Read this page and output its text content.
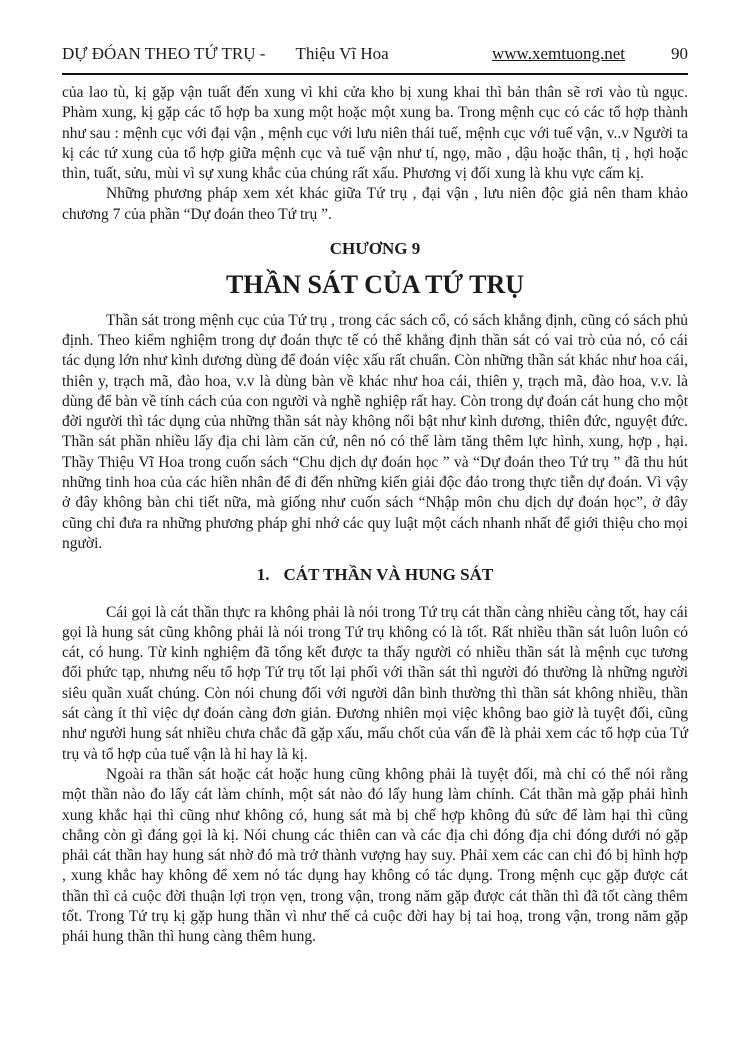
DỰ ĐÓAN THEO TỨ TRỤ - Thiệu Vĩ Hoa	www.xemtuong.net	90

của lao tù, kị gặp vận tuất đến xung vì khi cửa kho bị xung khai thì bản thân sẽ rơi vào tù ngục. Phàm xung, kị gặp các tổ hợp ba xung một hoặc một xung ba. Trong mệnh cục có các tổ hợp thành như sau : mệnh cục với đại vận , mệnh cục với lưu niên thái tuế, mệnh cục với tuế vận, v..v Người ta kị các tứ xung của tổ hợp giữa mệnh cục và tuế vận như tí, ngọ, mão , dậu hoặc thân, tị , hợi hoặc thìn, tuất, sửu, mùi vì sự xung khắc của chúng rất xấu. Phương vị đối xung là khu vực cấm kị.

Những phương pháp xem xét khác giữa Tứ trụ , đại vận , lưu niên độc giả nên tham khảo chương 7 của phần “Dự đoán theo Tứ trụ ”.

CHƯƠNG 9
THẦN SÁT CỦA TỨ TRỤ

Thần sát trong mệnh cục của Tứ trụ , trong các sách cổ, có sách khẳng định, cũng có sách phủ định. Theo kiểm nghiệm trong dự đoán thực tế có thể khẳng định thần sát có vai trò của nó, có cái tác dụng lớn như kình dương dùng để đoán việc xấu rất chuẩn. Còn những thần sát khác như hoa cái, thiên y, trạch mã, đào hoa, v.v là dùng bàn về khác như hoa cái, thiên y, trạch mã, đào hoa, v.v. là dùng để bàn về tính cách của con người và nghề nghiệp rất hay. Còn trong dự đoán cát hung cho một đời người thì tác dụng của những thần sát này không nổi bật như kình dương, thiên đức, nguyệt đức. Thần sát phần nhiều lấy địa chi làm căn cứ, nên nó có thể làm tăng thêm lực hình, xung, hợp , hại. Thầy Thiệu Vĩ Hoa trong cuốn sách “Chu dịch dự đoán học ” và “Dự đoán theo Tứ trụ ” đã thu hút những tinh hoa của các hiền nhân để đi đến những kiến giải độc đáo trong thực tiễn dự đoán. Vì vậy ở đây không bàn chi tiết nữa, mà giống như cuốn sách “Nhập môn chu dịch dự đoán học”, ở đây cũng chỉ đưa ra những phương pháp ghi nhớ các quy luật một cách nhanh nhất để giới thiệu cho mọi người.

1. CÁT THẦN VÀ HUNG SÁT

Cái gọi là cát thần thực ra không phải là nói trong Tứ trụ cát thần càng nhiều càng tốt, hay cái gọi là hung sát cũng không phải là nói trong Tứ trụ không có là tốt. Rất nhiều thần sát luôn luôn có cát, có hung. Từ kinh nghiệm đã tổng kết được ta thấy người có nhiều thần sát là mệnh cục tương đối phức tạp, nhưng nếu tổ hợp Tứ trụ tốt lại phối với thần sát thì người đó thường là những người siêu quần xuất chúng. Còn nói chung đối với người dân bình thường thì thần sát không nhiều, thần sát càng ít thì việc dự đoán càng đơn giản. Đương nhiên mọi việc không bao giờ là tuyệt đối, cũng như người hung sát nhiều chưa chắc đã gặp xấu, mấu chốt của vấn đề là phải xem các tổ hợp của Tứ trụ và tổ hợp của tuế vận là hỉ hay là kị.

Ngoài ra thần sát hoặc cát hoặc hung cũng không phải là tuyệt đối, mà chỉ có thể nói rằng một thần nào đo lấy cát làm chính, một sát nào đó lấy hung làm chính. Cát thần mà gặp phải hình xung khắc hại thì cũng như không có, hung sát mà bị chế hợp không đủ sức để làm hại thì cũng chẳng còn gì đáng gọi là kị. Nói chung các thiên can và các địa chi đóng địa chi đóng dưới nó gặp phải cát thần hay hung sát nhờ đó mà trở thành vượng hay suy. Phải xem các can chi đó bị hình hợp , xung khắc hay không để xem nó tác dụng hay không có tác dụng. Trong mệnh cục gặp được cát thần thì cả cuộc đời thuận lợi trọn vẹn, trong vận, trong năm gặp được cát thần thì đã tốt càng thêm tốt. Trong Tứ trụ kị gặp hung thần vì như thế cả cuộc đời hay bị tai hoạ, trong vận, trong năm gặp phải hung thần thì hung càng thêm hung.
